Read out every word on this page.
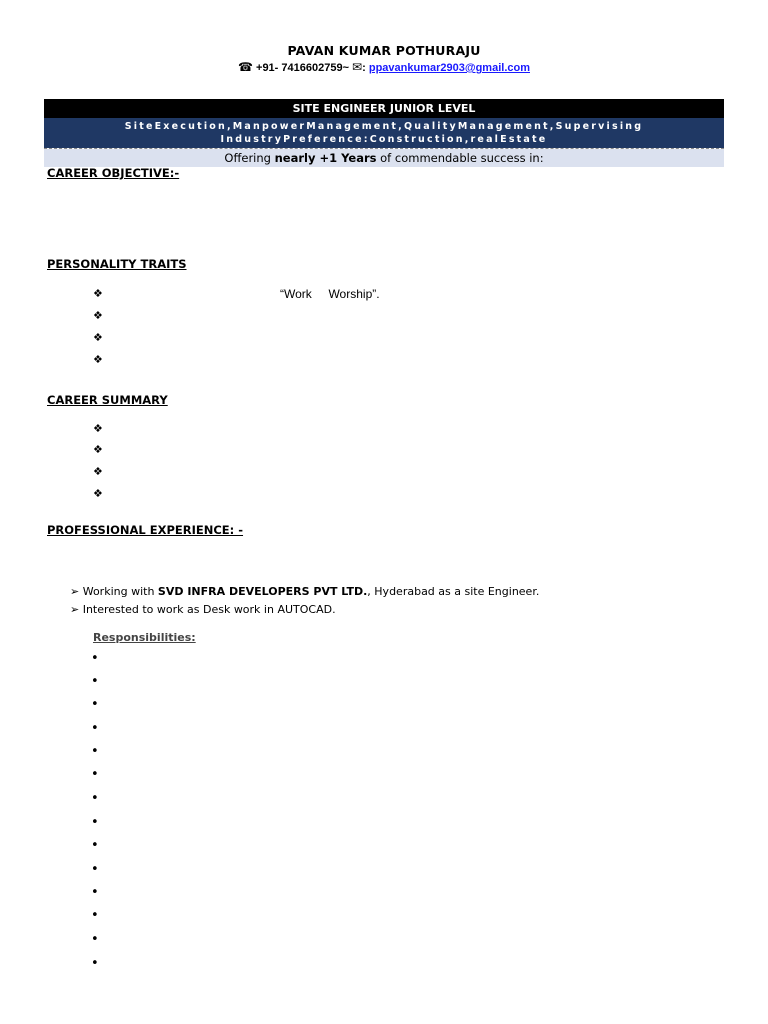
PAVAN KUMAR POTHURAJU
☎ +91- 7416602759~ ✉: ppavankumar2903@gmail.com
SITE ENGINEER JUNIOR LEVEL
SiteExecution,ManpowerManagement,QualityManagement,Supervising
IndustryPreference:Construction,realEstate
Offering nearly +1 Years of commendable success in:
CAREER OBJECTIVE:-
PERSONALITY TRAITS
❖	“Work     Worship”.
❖
❖
❖
CAREER SUMMARY
❖
❖
❖
❖
PROFESSIONAL EXPERIENCE: -
➢ Working with SVD INFRA DEVELOPERS PVT LTD., Hyderabad as a site Engineer.
➢ Interested to work as Desk work in AUTOCAD.
Responsibilities:
•
•
•
•
•
•
•
•
•
•
•
•
•
•
